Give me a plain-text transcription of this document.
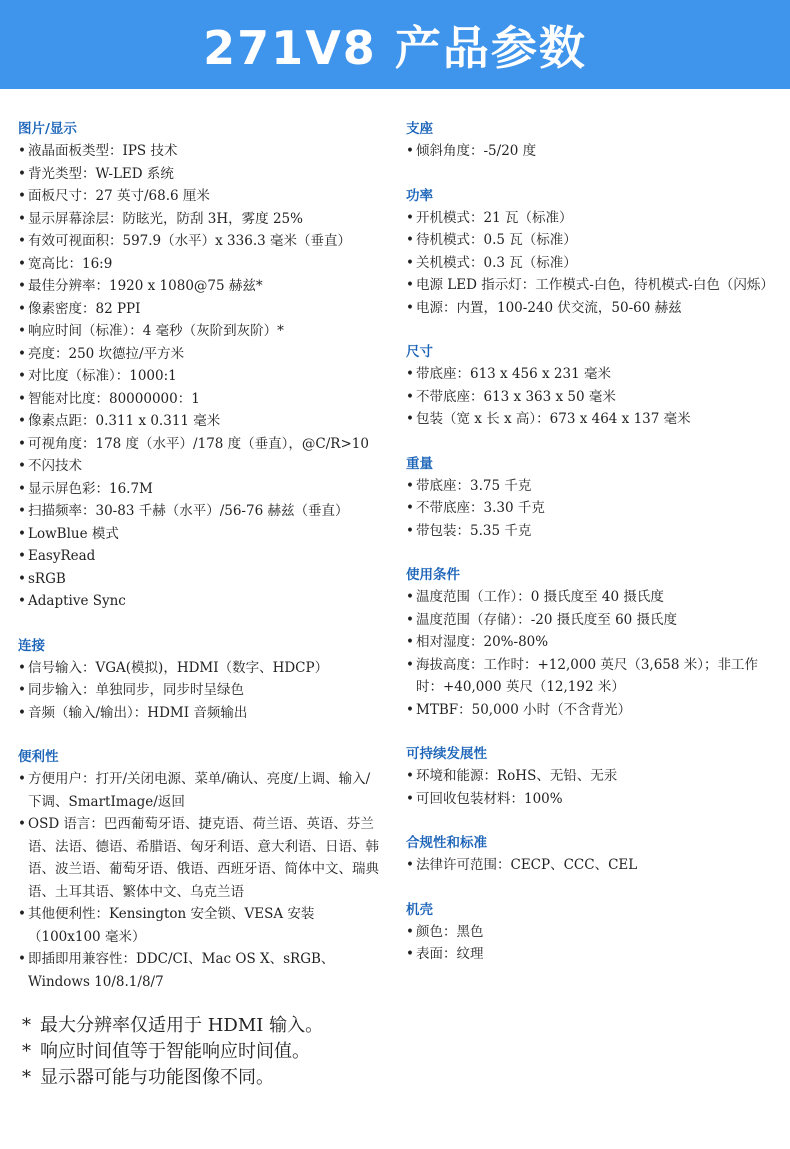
271V8 产品参数
图片/显示
• 液晶面板类型：IPS 技术
• 背光类型：W-LED 系统
• 面板尺寸：27 英寸/68.6 厘米
• 显示屏幕涂层：防眩光，防刮 3H，雾度 25%
• 有效可视面积：597.9（水平）x 336.3 毫米（垂直）
• 宽高比：16:9
• 最佳分辨率：1920 x 1080@75 赫兹*
• 像素密度：82 PPI
• 响应时间（标准）：4 毫秒（灰阶到灰阶）*
• 亮度：250 坎德拉/平方米
• 对比度（标准）：1000:1
• 智能对比度：80000000：1
• 像素点距：0.311 x 0.311 毫米
• 可视角度：178 度（水平）/178 度（垂直），@C/R>10
• 不闪技术
• 显示屏色彩：16.7M
• 扫描频率：30-83 千赫（水平）/56-76 赫兹（垂直）
• LowBlue 模式
• EasyRead
• sRGB
• Adaptive Sync
连接
• 信号输入：VGA(模拟)，HDMI（数字、HDCP）
• 同步输入：单独同步，同步时呈绿色
• 音频（输入/输出）：HDMI 音频输出
便利性
• 方便用户：打开/关闭电源、菜单/确认、亮度/上调、输入/下调、SmartImage/返回
• OSD 语言：巴西葡萄牙语、捷克语、荷兰语、英语、芬兰语、法语、德语、希腊语、匈牙利语、意大利语、日语、韩语、波兰语、葡萄牙语、俄语、西班牙语、简体中文、瑞典语、土耳其语、繁体中文、乌克兰语
• 其他便利性：Kensington 安全锁、VESA 安装（100x100 毫米）
• 即插即用兼容性：DDC/CI、Mac OS X、sRGB、Windows 10/8.1/8/7
支座
• 倾斜角度：-5/20 度
功率
• 开机模式：21 瓦（标准）
• 待机模式：0.5 瓦（标准）
• 关机模式：0.3 瓦（标准）
• 电源 LED 指示灯：工作模式-白色，待机模式-白色（闪烁）
• 电源：内置，100-240 伏交流，50-60 赫兹
尺寸
• 带底座：613 x 456 x 231 毫米
• 不带底座：613 x 363 x 50 毫米
• 包装（宽 x 长 x 高）：673 x 464 x 137 毫米
重量
• 带底座：3.75 千克
• 不带底座：3.30 千克
• 带包装：5.35 千克
使用条件
• 温度范围（工作）：0 摄氏度至 40 摄氏度
• 温度范围（存储）：-20 摄氏度至 60 摄氏度
• 相对湿度：20%-80%
• 海拔高度：工作时：+12,000 英尺（3,658 米）；非工作时：+40,000 英尺（12,192 米）
• MTBF：50,000 小时（不含背光）
可持续发展性
• 环境和能源：RoHS、无铅、无汞
• 可回收包装材料：100%
合规性和标准
• 法律许可范围：CECP、CCC、CEL
机壳
• 颜色：黑色
• 表面：纹理
* 最大分辨率仅适用于 HDMI 输入。
* 响应时间值等于智能响应时间值。
* 显示器可能与功能图像不同。
